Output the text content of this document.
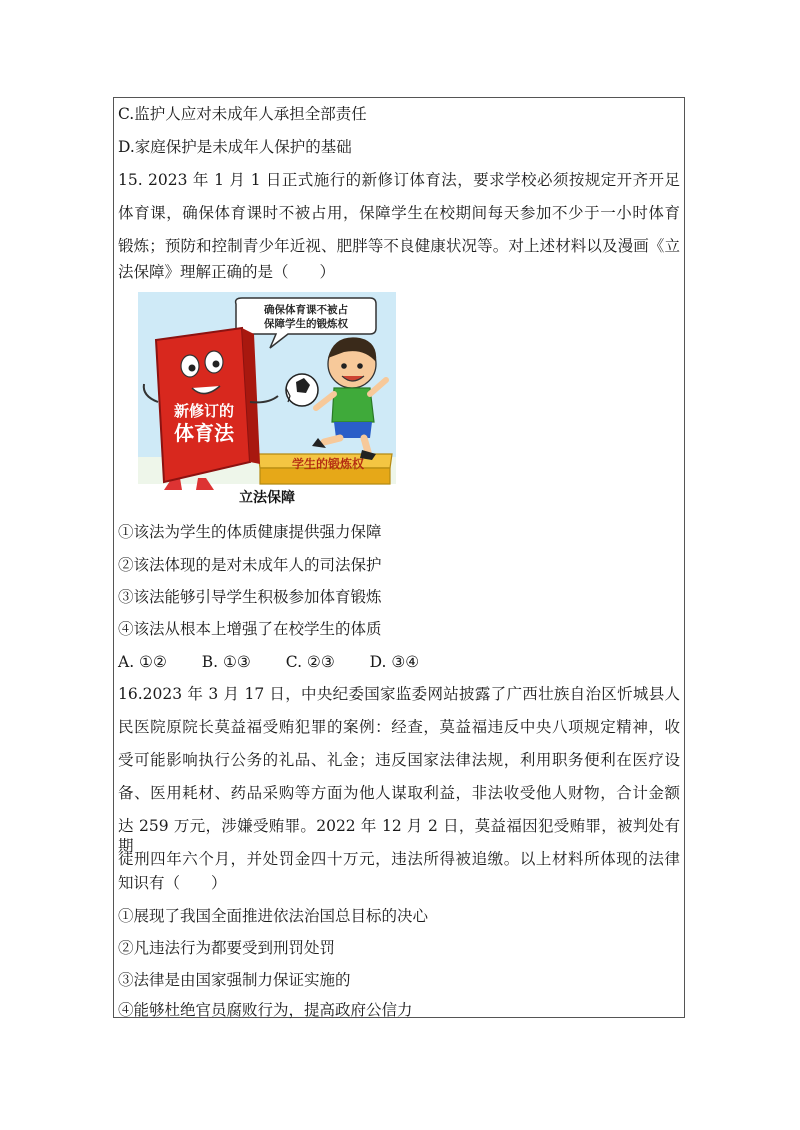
C.监护人应对未成年人承担全部责任
D.家庭保护是未成年人保护的基础
15. 2023 年 1 月 1 日正式施行的新修订体育法，要求学校必须按规定开齐开足
体育课，确保体育课时不被占用，保障学生在校期间每天参加不少于一小时体育
锻炼；预防和控制青少年近视、肥胖等不良健康状况等。对上述材料以及漫画《立
法保障》理解正确的是（　　）
确保体育课不被占
保障学生的锻炼权
学生的锻炼权
新修订的
体育法
立法保障
①该法为学生的体质健康提供强力保障
②该法体现的是对未成年人的司法保护
③该法能够引导学生积极参加体育锻炼
④该法从根本上增强了在校学生的体质
A. ①② B. ①③ C. ②③ D. ③④
16.2023 年 3 月 17 日，中央纪委国家监委网站披露了广西壮族自治区忻城县人
民医院原院长莫益福受贿犯罪的案例：经查，莫益福违反中央八项规定精神，收
受可能影响执行公务的礼品、礼金；违反国家法律法规，利用职务便利在医疗设
备、医用耗材、药品采购等方面为他人谋取利益，非法收受他人财物，合计金额
达 259 万元，涉嫌受贿罪。2022 年 12 月 2 日，莫益福因犯受贿罪，被判处有期
徒刑四年六个月，并处罚金四十万元，违法所得被追缴。以上材料所体现的法律
知识有（　　）
①展现了我国全面推进依法治国总目标的决心
②凡违法行为都要受到刑罚处罚
③法律是由国家强制力保证实施的
④能够杜绝官员腐败行为，提高政府公信力
